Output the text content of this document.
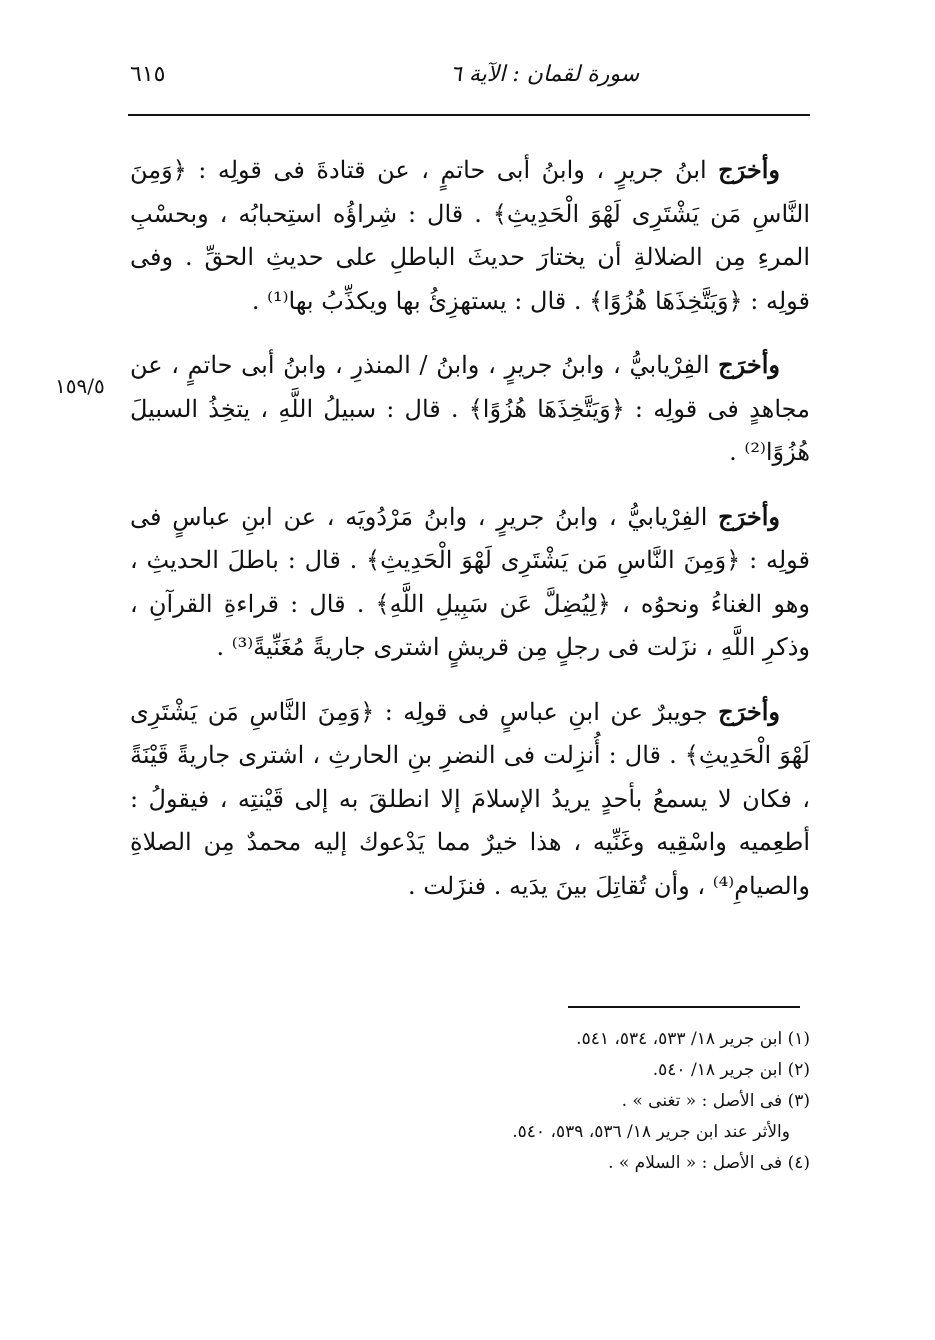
٦١٥	سورة لقمان : الآية ٦
١٥٩/٥

وأخرَج ابنُ جريرٍ ، وابنُ أبى حاتمٍ ، عن قتادةَ فى قولِه : ﴿وَمِنَ النَّاسِ مَن يَشْتَرِى لَهْوَ الْحَدِيثِ﴾ . قال : شِراؤُه استِحبابُه ، وبحسْبِ المرءِ مِن الضلالةِ أن يختارَ حديثَ الباطلِ على حديثِ الحقِّ . وفى قولِه : ﴿وَيَتَّخِذَهَا هُزُوًا﴾ . قال : يستهزِئُ بها ويكذِّبُ بها⁽¹⁾ .

وأخرَج الفِرْيابيُّ ، وابنُ جريرٍ ، وابنُ / المنذرِ ، وابنُ أبى حاتمٍ ، عن مجاهدٍ فى قولِه : ﴿وَيَتَّخِذَهَا هُزُوًا﴾ . قال : سبيلُ اللَّهِ ، يتخِذُ السبيلَ هُزُوًا⁽²⁾ .

وأخرَج الفِرْيابيُّ ، وابنُ جريرٍ ، وابنُ مَرْدُويَه ، عن ابنِ عباسٍ فى قولِه : ﴿وَمِنَ النَّاسِ مَن يَشْتَرِى لَهْوَ الْحَدِيثِ﴾ . قال : باطلَ الحديثِ ، وهو الغناءُ ونحوُه ، ﴿لِيُضِلَّ عَن سَبِيلِ اللَّهِ﴾ . قال : قراءةِ القرآنِ ، وذكرِ اللَّهِ ، نزَلت فى رجلٍ مِن قريشٍ اشترى جاريةً مُغَنِّيةً⁽³⁾ .

وأخرَج جويبرٌ عن ابنِ عباسٍ فى قولِه : ﴿وَمِنَ النَّاسِ مَن يَشْتَرِى لَهْوَ الْحَدِيثِ﴾ . قال : أُنزِلت فى النضرِ بنِ الحارثِ ، اشترى جاريةً قَيْنَةً ، فكان لا يسمعُ بأحدٍ يريدُ الإسلامَ إلا انطلقَ به إلى قَيْنتِه ، فيقولُ : أطعِميه واسْقِيه وغَنِّيه ، هذا خيرٌ مما يَدْعوك إليه محمدٌ مِن الصلاةِ والصيامِ⁽⁴⁾ ، وأن تُقاتِلَ بينَ يدَيه . فنزَلت .

(١) ابن جرير ١٨/ ٥٣٣، ٥٣٤، ٥٤١.

(٢) ابن جرير ١٨/ ٥٤٠.

(٣) فى الأصل : « تغنى » .

والأثر عند ابن جرير ١٨/ ٥٣٦، ٥٣٩، ٥٤٠.

(٤) فى الأصل : « السلام » .
